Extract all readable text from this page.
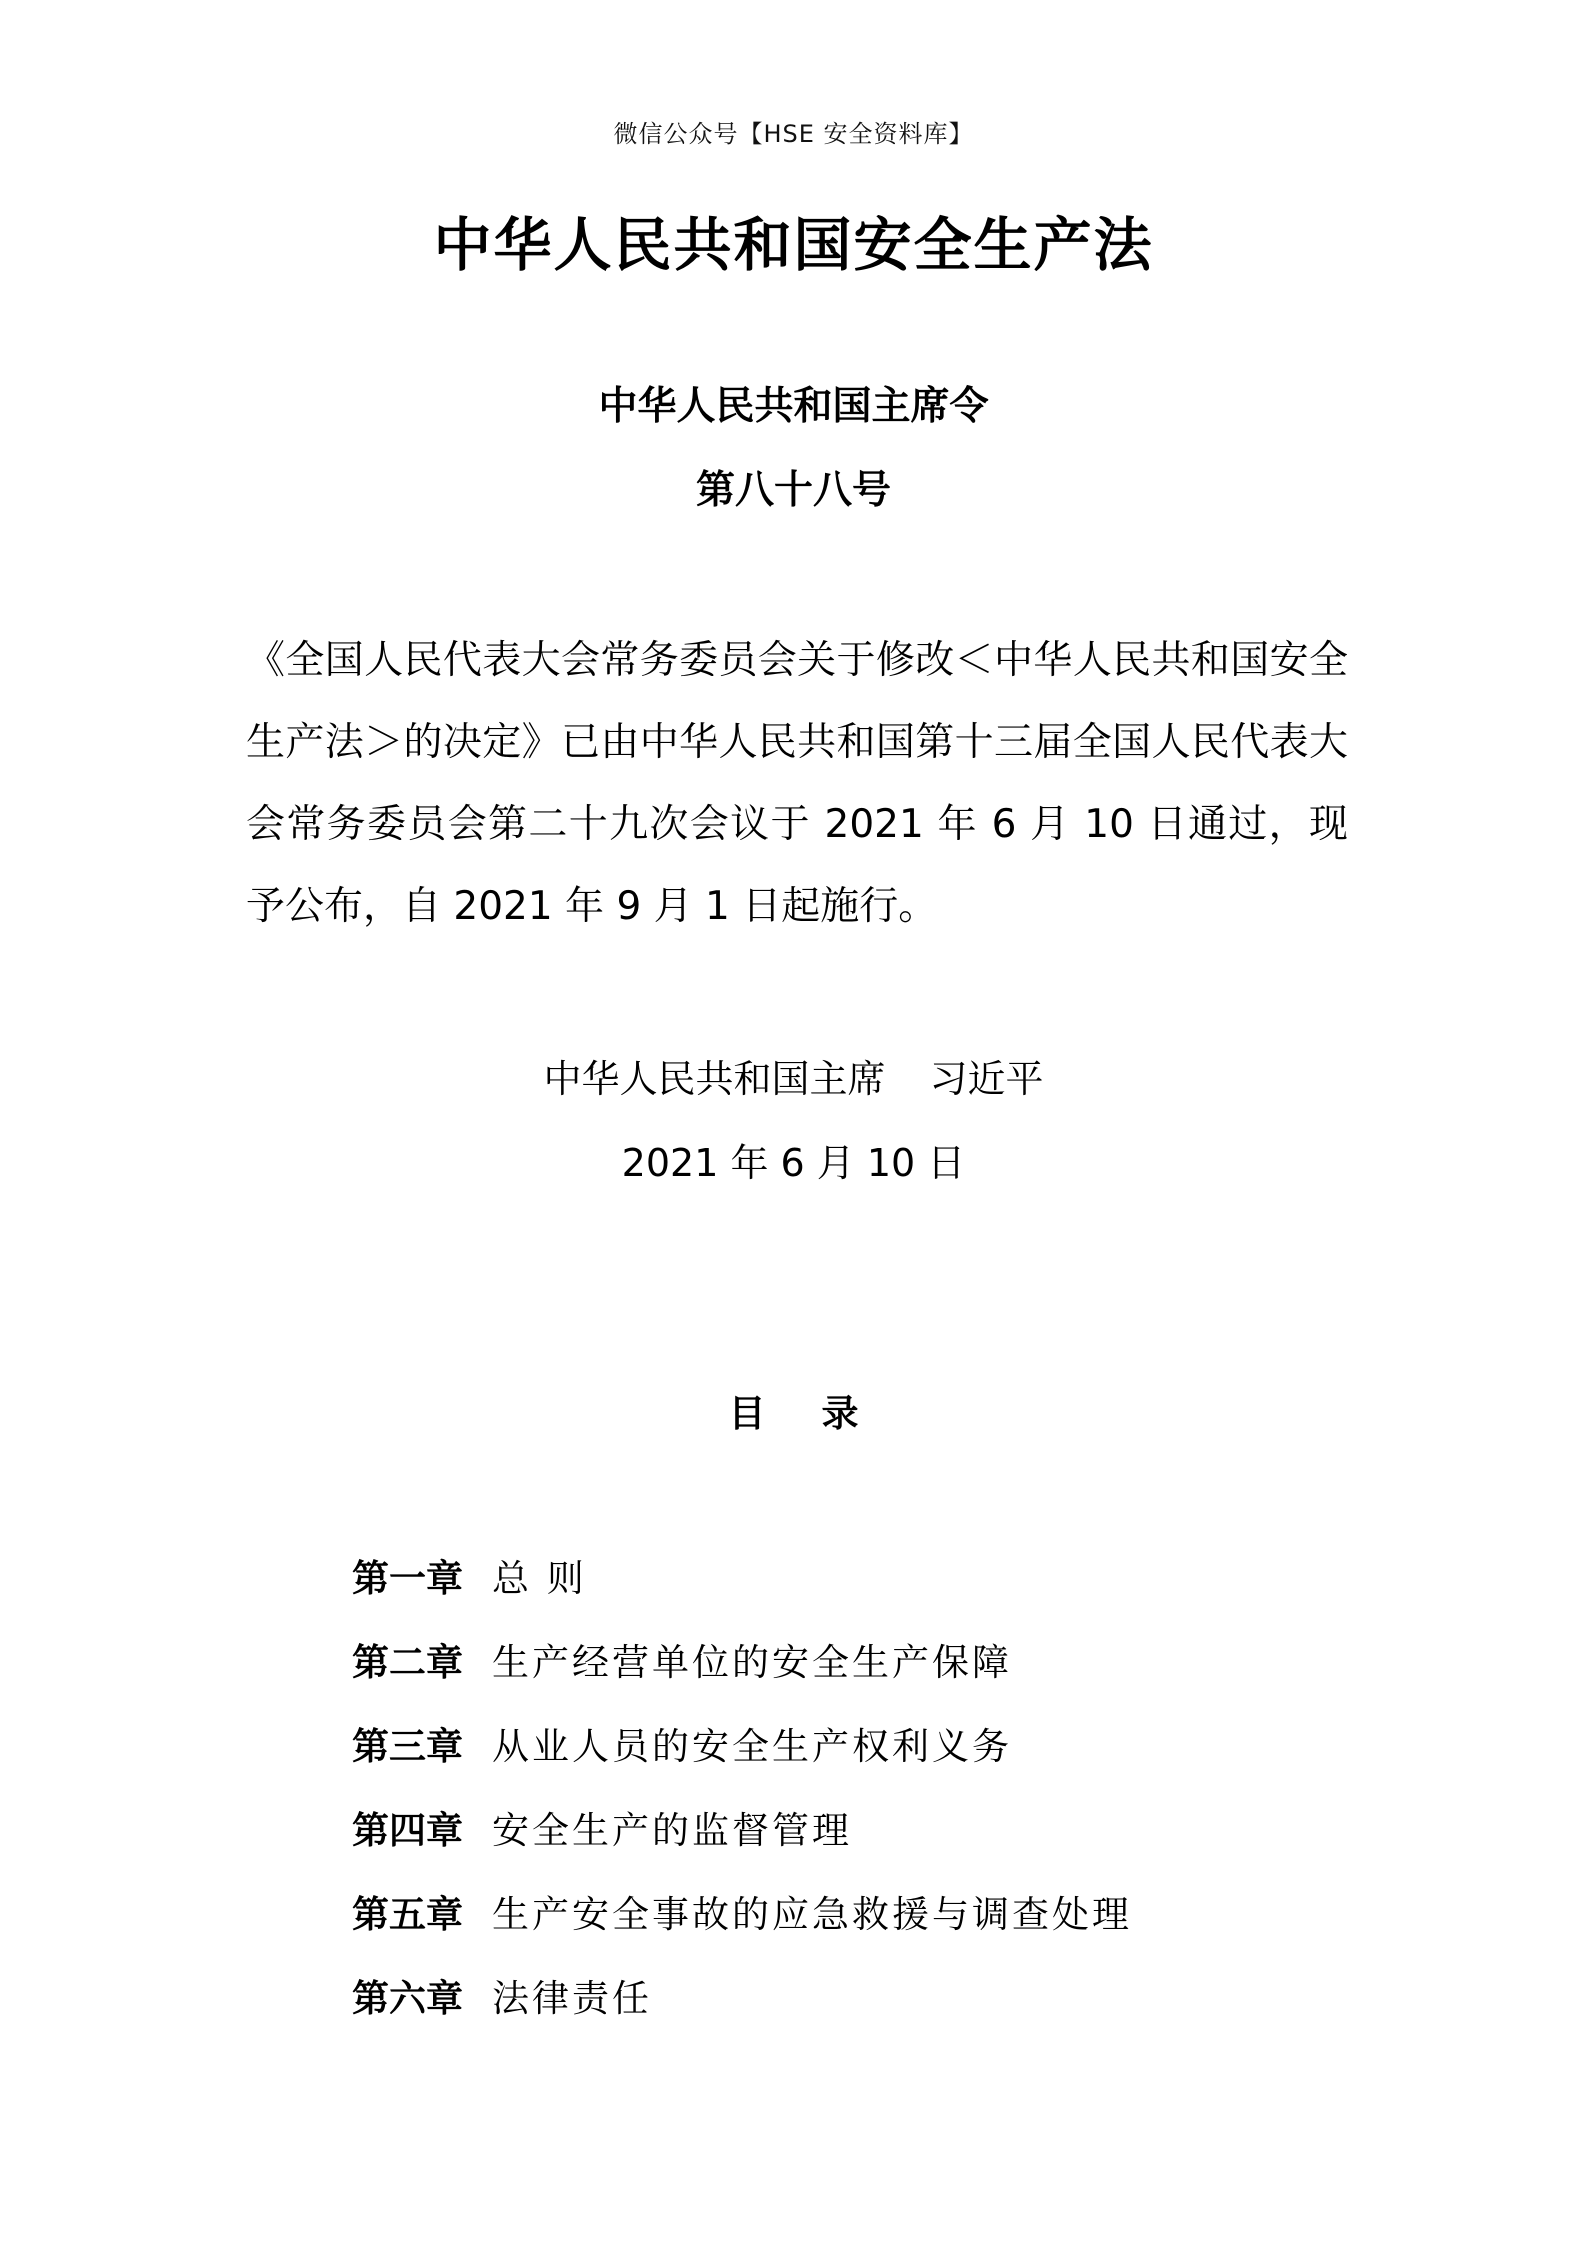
微信公众号【HSE 安全资料库】
中华人民共和国安全生产法
中华人民共和国主席令
第八十八号
《全国人民代表大会常务委员会关于修改＜中华人民共和国安全生产法＞的决定》已由中华人民共和国第十三届全国人民代表大会常务委员会第二十九次会议于 2021 年 6 月 10 日通过，现予公布，自 2021 年 9 月 1 日起施行。
中华人民共和国主席 习近平
2021 年 6 月 10 日
目 录
第一章 总 则
第二章 生产经营单位的安全生产保障
第三章 从业人员的安全生产权利义务
第四章 安全生产的监督管理
第五章 生产安全事故的应急救援与调查处理
第六章 法律责任
